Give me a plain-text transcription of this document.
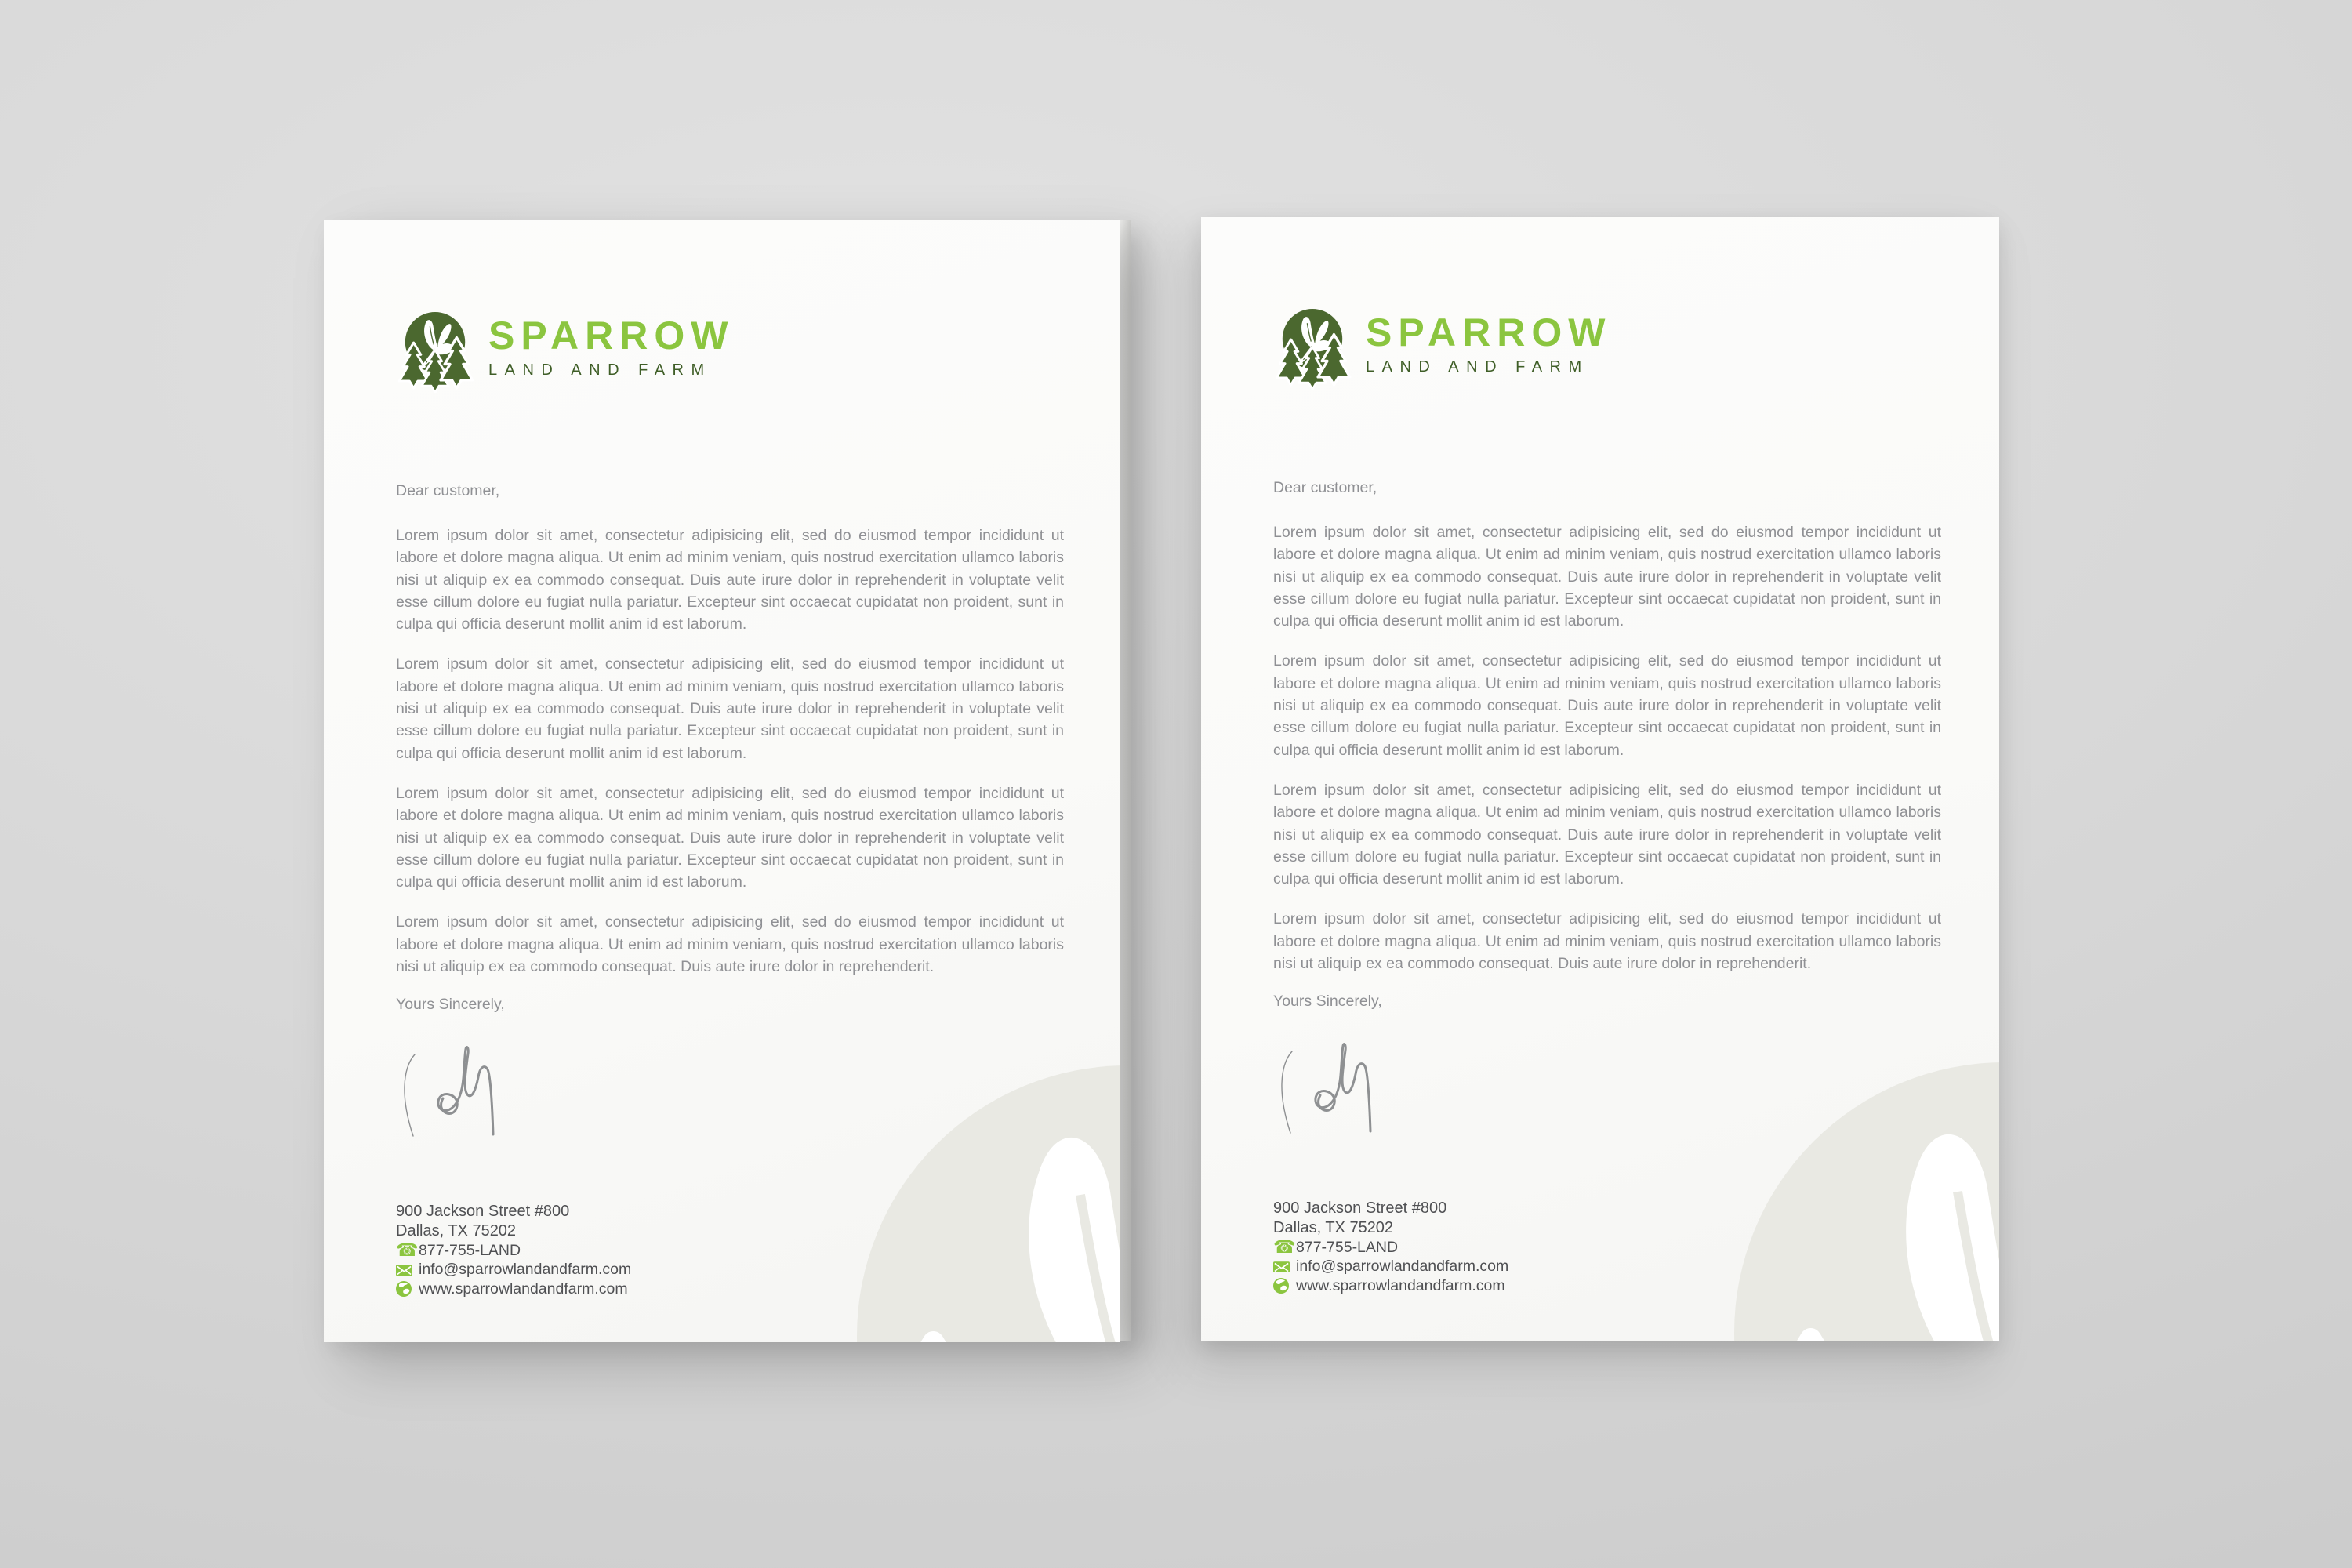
SPARROW
LAND AND FARM

Dear customer,

Lorem ipsum dolor sit amet, consectetur adipisicing elit, sed do eiusmod tempor incididunt ut labore et dolore magna aliqua. Ut enim ad minim veniam, quis nostrud exercitation ullamco laboris nisi ut aliquip ex ea commodo consequat. Duis aute irure dolor in reprehenderit in voluptate velit esse cillum dolore eu fugiat nulla pariatur. Excepteur sint occaecat cupidatat non proident, sunt in culpa qui officia deserunt mollit anim id est laborum.

Lorem ipsum dolor sit amet, consectetur adipisicing elit, sed do eiusmod tempor incididunt ut labore et dolore magna aliqua. Ut enim ad minim veniam, quis nostrud exercitation ullamco laboris nisi ut aliquip ex ea commodo consequat. Duis aute irure dolor in reprehenderit in voluptate velit esse cillum dolore eu fugiat nulla pariatur. Excepteur sint occaecat cupidatat non proident, sunt in culpa qui officia deserunt mollit anim id est laborum.

Lorem ipsum dolor sit amet, consectetur adipisicing elit, sed do eiusmod tempor incididunt ut labore et dolore magna aliqua. Ut enim ad minim veniam, quis nostrud exercitation ullamco laboris nisi ut aliquip ex ea commodo consequat. Duis aute irure dolor in reprehenderit in voluptate velit esse cillum dolore eu fugiat nulla pariatur. Excepteur sint occaecat cupidatat non proident, sunt in culpa qui officia deserunt mollit anim id est laborum.

Lorem ipsum dolor sit amet, consectetur adipisicing elit, sed do eiusmod tempor incididunt ut labore et dolore magna aliqua. Ut enim ad minim veniam, quis nostrud exercitation ullamco laboris nisi ut aliquip ex ea commodo consequat. Duis aute irure dolor in reprehenderit.

Yours Sincerely,

900 Jackson Street #800
Dallas, TX 75202
☎ 877-755-LAND
info@sparrowlandandfarm.com
www.sparrowlandandfarm.com
SPARROW
LAND AND FARM

Dear customer,

Lorem ipsum dolor sit amet, consectetur adipisicing elit, sed do eiusmod tempor incididunt ut labore et dolore magna aliqua. Ut enim ad minim veniam, quis nostrud exercitation ullamco laboris nisi ut aliquip ex ea commodo consequat. Duis aute irure dolor in reprehenderit in voluptate velit esse cillum dolore eu fugiat nulla pariatur. Excepteur sint occaecat cupidatat non proident, sunt in culpa qui officia deserunt mollit anim id est laborum.

Lorem ipsum dolor sit amet, consectetur adipisicing elit, sed do eiusmod tempor incididunt ut labore et dolore magna aliqua. Ut enim ad minim veniam, quis nostrud exercitation ullamco laboris nisi ut aliquip ex ea commodo consequat. Duis aute irure dolor in reprehenderit in voluptate velit esse cillum dolore eu fugiat nulla pariatur. Excepteur sint occaecat cupidatat non proident, sunt in culpa qui officia deserunt mollit anim id est laborum.

Lorem ipsum dolor sit amet, consectetur adipisicing elit, sed do eiusmod tempor incididunt ut labore et dolore magna aliqua. Ut enim ad minim veniam, quis nostrud exercitation ullamco laboris nisi ut aliquip ex ea commodo consequat. Duis aute irure dolor in reprehenderit in voluptate velit esse cillum dolore eu fugiat nulla pariatur. Excepteur sint occaecat cupidatat non proident, sunt in culpa qui officia deserunt mollit anim id est laborum.

Lorem ipsum dolor sit amet, consectetur adipisicing elit, sed do eiusmod tempor incididunt ut labore et dolore magna aliqua. Ut enim ad minim veniam, quis nostrud exercitation ullamco laboris nisi ut aliquip ex ea commodo consequat. Duis aute irure dolor in reprehenderit.

Yours Sincerely,

900 Jackson Street #800
Dallas, TX 75202
☎ 877-755-LAND
info@sparrowlandandfarm.com
www.sparrowlandandfarm.com
